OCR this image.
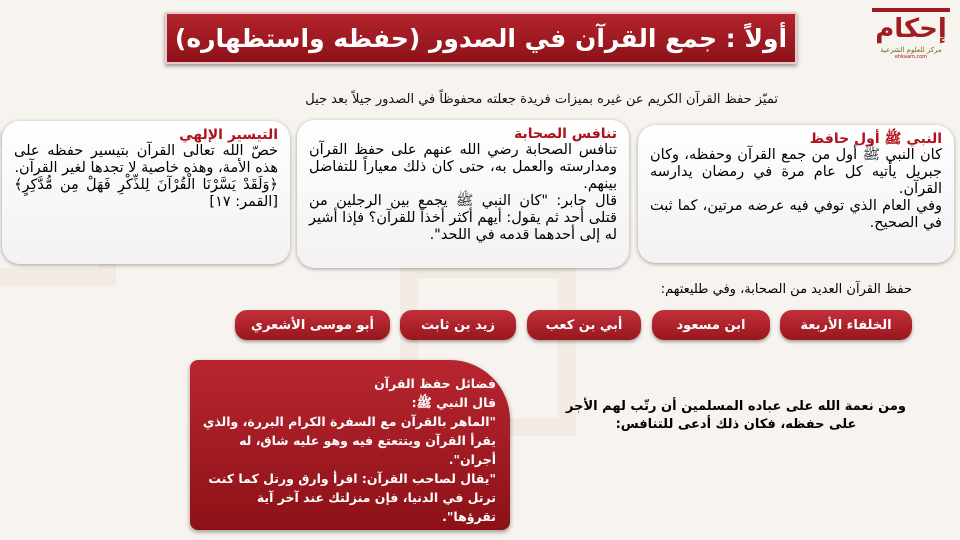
أولاً : جمع القرآن في الصدور (حفظه واستظهاره)	إحكام
مركز للعلوم الشرعية
ehkaam.com
تميّز حفظ القرآن الكريم عن غيره بميزات فريدة جعلته محفوظاً في الصدور جيلاً بعد جيل
النبي ﷺ أول حافظ

كان النبي ﷺ أول من جمع القرآن وحفظه، وكان جبريل يأتيه كل عام مرة في رمضان يدارسه القرآن.

وفي العام الذي توفي فيه عرضه مرتين، كما ثبت في الصحيح.

تنافس الصحابة

تنافس الصحابة رضي الله عنهم على حفظ القرآن ومدارسته والعمل به، حتى كان ذلك معياراً للتفاضل بينهم.

قال جابر: "كان النبي ﷺ يجمع بين الرجلين من قتلى أحد ثم يقول: أيهم أكثر أخذاً للقرآن؟ فإذا أشير له إلى أحدهما قدمه في اللحد".

التيسير الإلهي

خصّ الله تعالى القرآن بتيسير حفظه على هذه الأمة، وهذه خاصية لا تجدها لغير القرآن.

﴿وَلَقَدْ يَسَّرْنَا الْقُرْآنَ لِلذِّكْرِ فَهَلْ مِن مُّدَّكِرٍ﴾ [القمر: ١٧]

حفظ القرآن العديد من الصحابة، وفي طليعتهم:
الخلفاء الأربعة
ابن مسعود
أبي بن كعب
زيد بن ثابت
أبو موسى الأشعري

فضائل حفظ القرآن

قال النبي ﷺ:

"الماهر بالقرآن مع السفرة الكرام البررة، والذي يقرأ القرآن ويتتعتع فيه وهو عليه شاق، له أجران".

"يقال لصاحب القرآن: اقرأ وارق ورتل كما كنت ترتل في الدنيا، فإن منزلتك عند آخر آية تقرؤها".

ومن نعمة الله على عباده المسلمين أن رتّب لهم الأجر على حفظه، فكان ذلك أدعى للتنافس:
